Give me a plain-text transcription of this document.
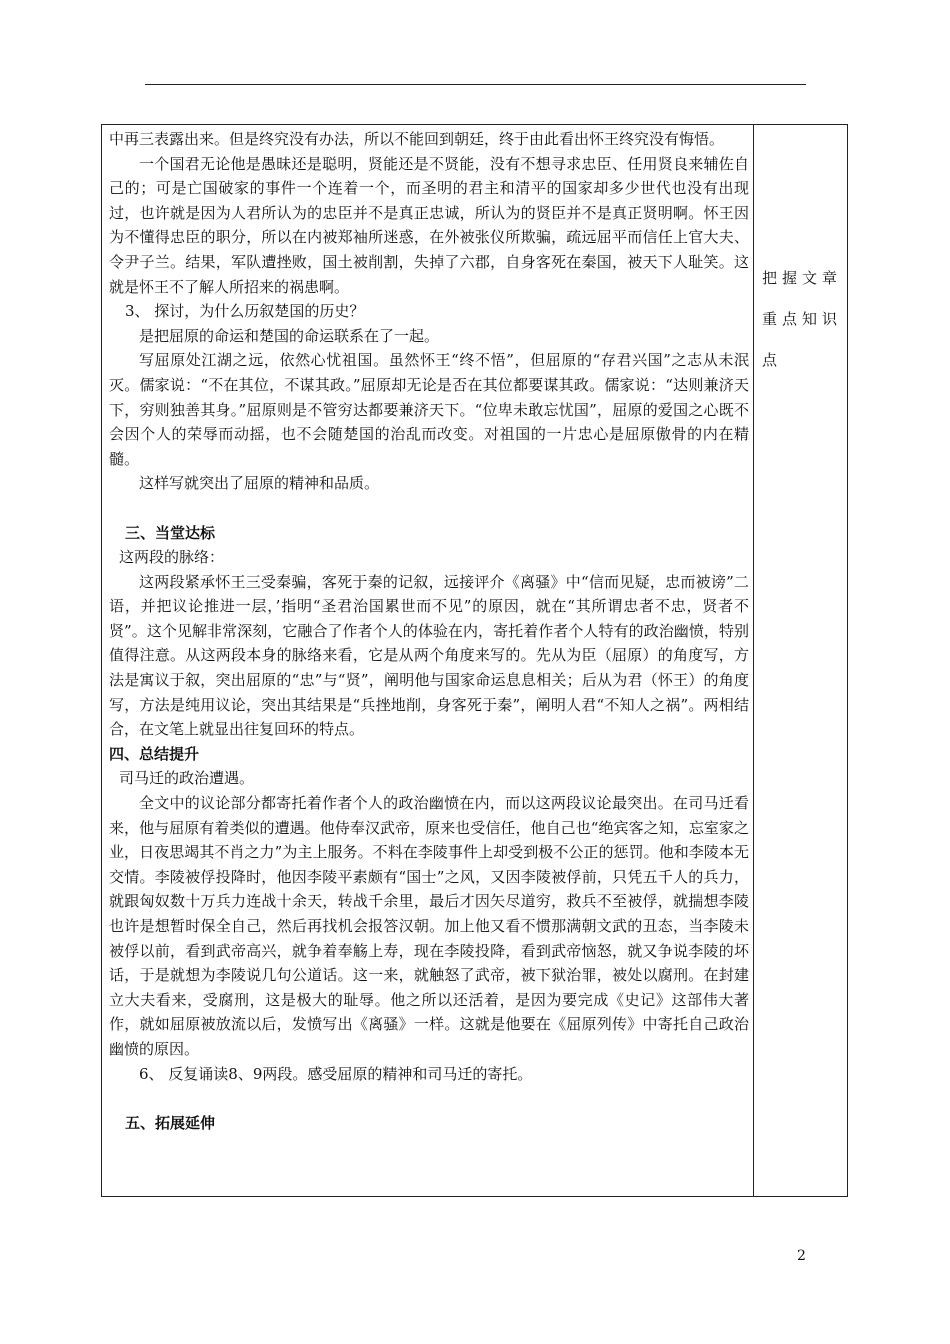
中再三表露出来。但是终究没有办法，所以不能回到朝廷，终于由此看出怀王终究没有悔悟。

一个国君无论他是愚昧还是聪明，贤能还是不贤能，没有不想寻求忠臣、任用贤良来辅佐自己的；可是亡国破家的事件一个连着一个，而圣明的君主和清平的国家却多少世代也没有出现过，也许就是因为人君所认为的忠臣并不是真正忠诚，所认为的贤臣并不是真正贤明啊。怀王因为不懂得忠臣的职分，所以在内被郑袖所迷惑，在外被张仪所欺骗，疏远屈平而信任上官大夫、令尹子兰。结果，军队遭挫败，国土被削割，失掉了六郡，自身客死在秦国，被天下人耻笑。这就是怀王不了解人所招来的祸患啊。

3、 探讨，为什么历叙楚国的历史？

是把屈原的命运和楚国的命运联系在了一起。

写屈原处江湖之远，依然心忧祖国。虽然怀王“终不悟”，但屈原的“存君兴国”之志从未泯灭。儒家说：“不在其位，不谋其政。”屈原却无论是否在其位都要谋其政。儒家说：“达则兼济天下，穷则独善其身。”屈原则是不管穷达都要兼济天下。“位卑未敢忘忧国”，屈原的爱国之心既不会因个人的荣辱而动摇，也不会随楚国的治乱而改变。对祖国的一片忠心是屈原傲骨的内在精髓。

这样写就突出了屈原的精神和品质。

三、当堂达标

这两段的脉络：

这两段紧承怀王三受秦骗，客死于秦的记叙，远接评介《离骚》中“信而见疑，忠而被谤”二语，并把议论推进一层，’指明“圣君治国累世而不见”的原因，就在“其所谓忠者不忠，贤者不贤”。这个见解非常深刻，它融合了作者个人的体验在内，寄托着作者个人特有的政治幽愤，特别值得注意。从这两段本身的脉络来看，它是从两个角度来写的。先从为臣（屈原）的角度写，方法是寓议于叙，突出屈原的“忠”与“贤”，阐明他与国家命运息息相关；后从为君（怀王）的角度写，方法是纯用议论，突出其结果是“兵挫地削，身客死于秦”，阐明人君“不知人之祸”。两相结合，在文笔上就显出往复回环的特点。

四、总结提升

司马迁的政治遭遇。

全文中的议论部分都寄托着作者个人的政治幽愤在内，而以这两段议论最突出。在司马迁看来，他与屈原有着类似的遭遇。他侍奉汉武帝，原来也受信任，他自己也“绝宾客之知，忘室家之业，日夜思竭其不肖之力”为主上服务。不料在李陵事件上却受到极不公正的惩罚。他和李陵本无交情。李陵被俘投降时，他因李陵平素颇有“国士”之风，又因李陵被俘前，只凭五千人的兵力，就跟匈奴数十万兵力连战十余天，转战千余里，最后才因矢尽道穷，救兵不至被俘，就揣想李陵也许是想暂时保全自己，然后再找机会报答汉朝。加上他又看不惯那满朝文武的丑态，当李陵未被俘以前，看到武帝高兴，就争着奉觞上寿，现在李陵投降，看到武帝恼怒，就又争说李陵的坏话，于是就想为李陵说几句公道话。这一来，就触怒了武帝，被下狱治罪，被处以腐刑。在封建立大夫看来，受腐刑，这是极大的耻辱。他之所以还活着，是因为要完成《史记》这部伟大著作，就如屈原被放流以后，发愤写出《离骚》一样。这就是他要在《屈原列传》中寄托自己政治幽愤的原因。

6、 反复诵读8、9两段。感受屈原的精神和司马迁的寄托。

五、拓展延伸

把握文章重点知识点
2
